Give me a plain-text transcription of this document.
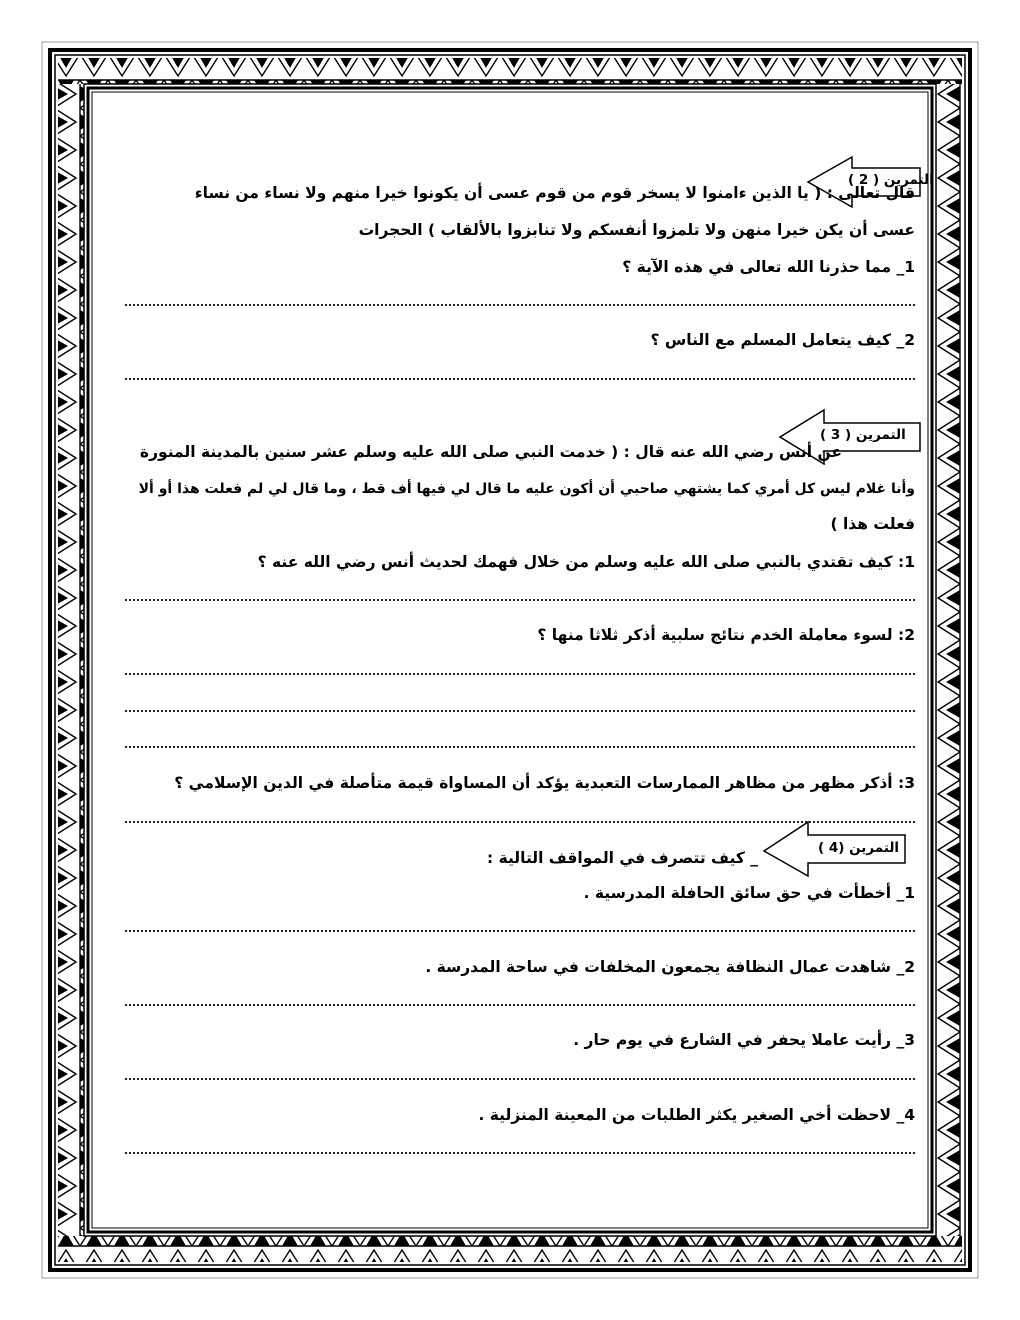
التمرين ( 2 )
قال تعالى : ( يا الذين ءامنوا لا يسخر قوم من قوم عسى أن يكونوا خيرا منهم ولا نساء من نساء
عسى أن يكن خيرا منهن ولا تلمزوا أنفسكم ولا تنابزوا بالألقاب ) الحجرات
1_ مما حذرنا الله تعالى في هذه الآية ؟
2_ كيف يتعامل المسلم مع الناس ؟
التمرين ( 3 )
عن أنس رضي الله عنه قال : ( خدمت النبي صلى الله عليه وسلم عشر سنين بالمدينة المنورة
وأنا غلام ليس كل أمري كما يشتهي صاحبي أن أكون عليه ما قال لي فيها أف قط ، وما قال لي لم فعلت هذا أو ألا
فعلت هذا )
1: كيف تقتدي بالنبي صلى الله عليه وسلم من خلال فهمك لحديث أنس رضي الله عنه ؟
2: لسوء معاملة الخدم نتائج سلبية أذكر ثلاثا منها ؟
3: أذكر مظهر من مظاهر الممارسات التعبدية يؤكد أن المساواة قيمة متأصلة في الدين الإسلامي ؟
التمرين (4 )
_ كيف تتصرف في المواقف التالية :
1_ أخطأت في حق سائق الحافلة المدرسية .
2_ شاهدت عمال النظافة يجمعون المخلفات في ساحة المدرسة .
3_ رأيت عاملا يحفر في الشارع في يوم حار .
4_ لاحظت أخي الصغير يكثر الطلبات من المعينة المنزلية .
